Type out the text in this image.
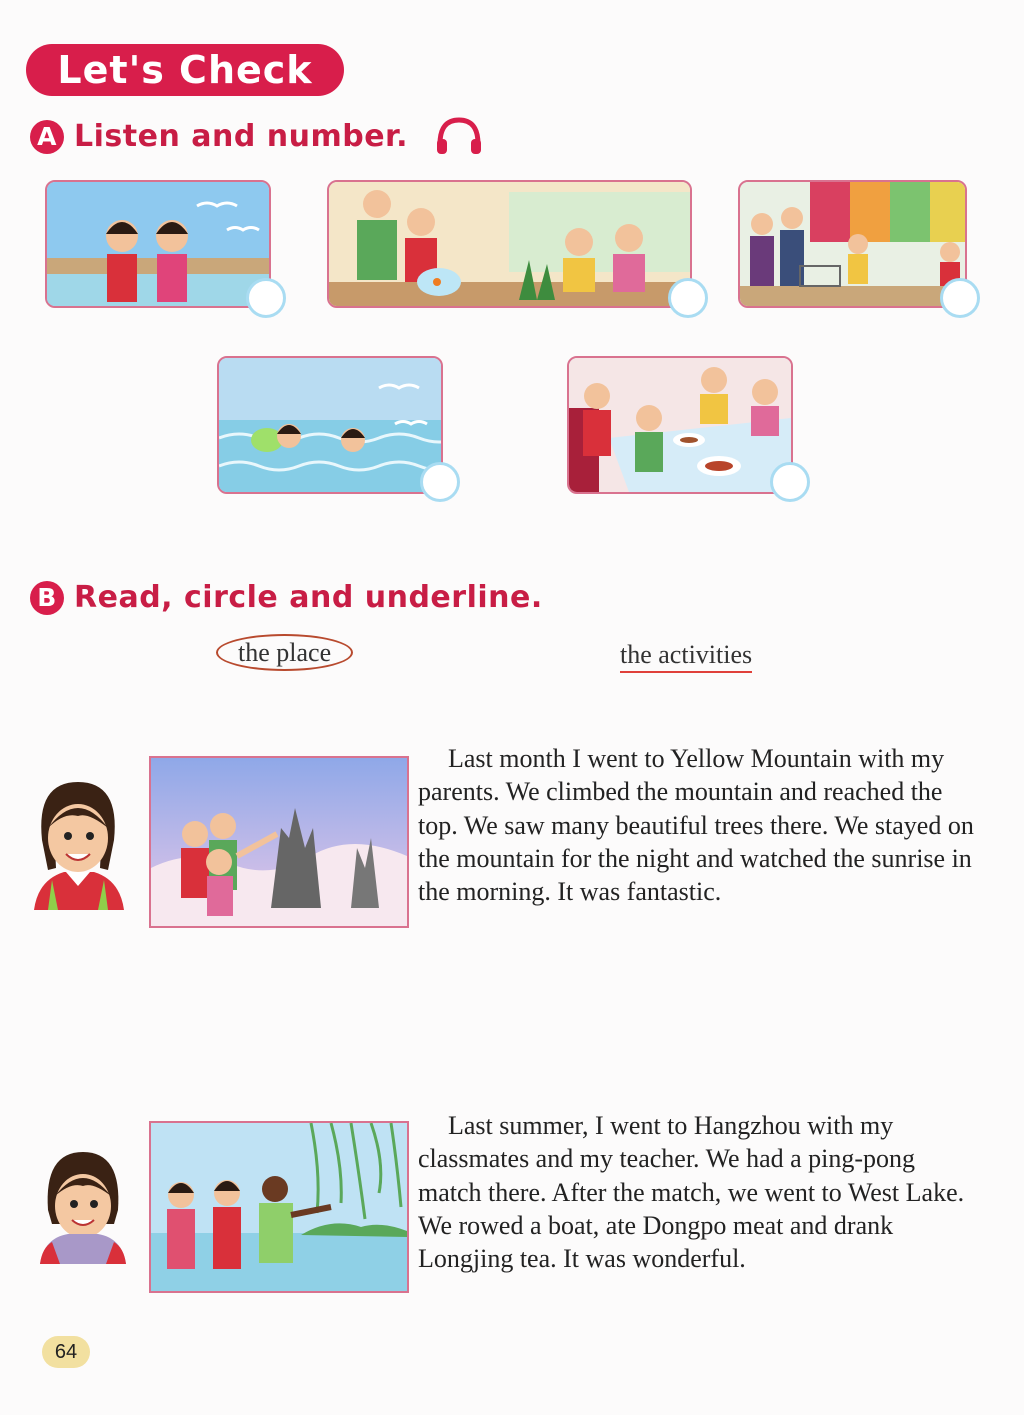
Let's Check
A Listen and number.
B Read, circle and underline.
the place	the activities

Last month I went to Yellow Mountain with my parents. We climbed the mountain and reached the top. We saw many beautiful trees there. We stayed on the mountain for the night and watched the sunrise in the morning. It was fantastic.

Last summer, I went to Hangzhou with my classmates and my teacher. We had a ping-pong match there. After the match, we went to West Lake. We rowed a boat, ate Dongpo meat and drank Longjing tea. It was wonderful.

64
